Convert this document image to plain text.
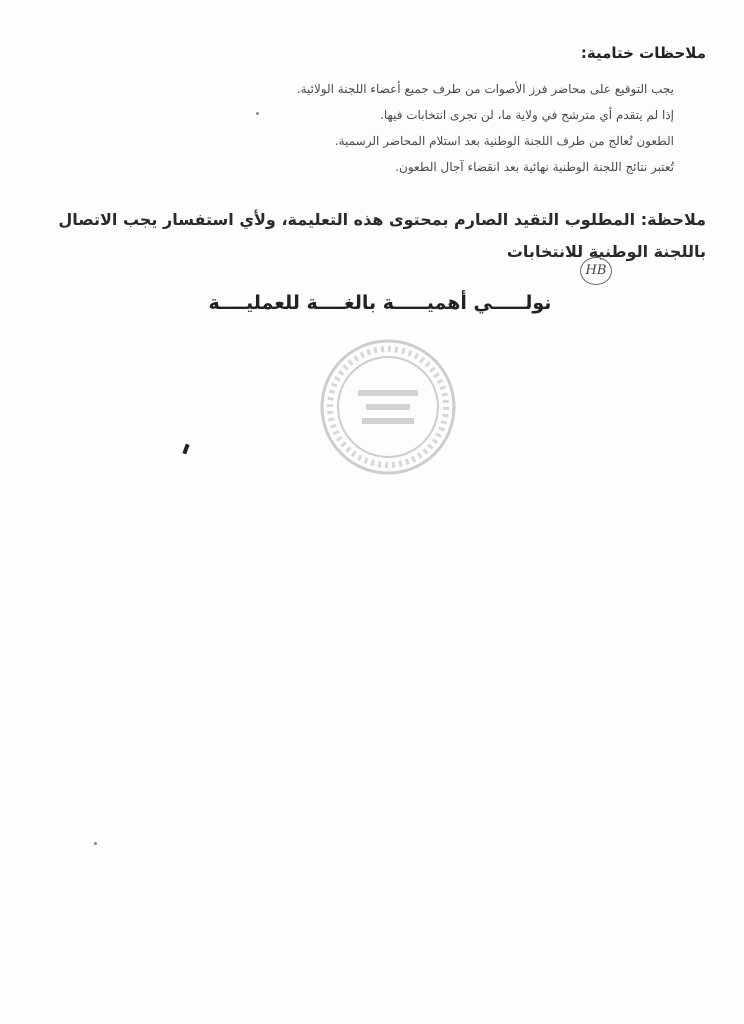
ملاحظات ختامية:
يجب التوقيع على محاضر فرز الأصوات من طرف جميع أعضاء اللجنة الولائية.
إذا لم يتقدم أي مترشح في ولاية ما، لن تجرى انتخابات فيها.
الطعون تُعالج من طرف اللجنة الوطنية بعد استلام المحاضر الرسمية.
تُعتبر نتائج اللجنة الوطنية نهائية بعد انقضاء آجال الطعون.
ملاحظة: المطلوب التقيد الصارم بمحتوى هذه التعليمة، ولأي استفسار يجب الاتصال باللجنة الوطنية للانتخابات
HB
نولـــــي أهميـــــة بالغــــة للعمليــــة
